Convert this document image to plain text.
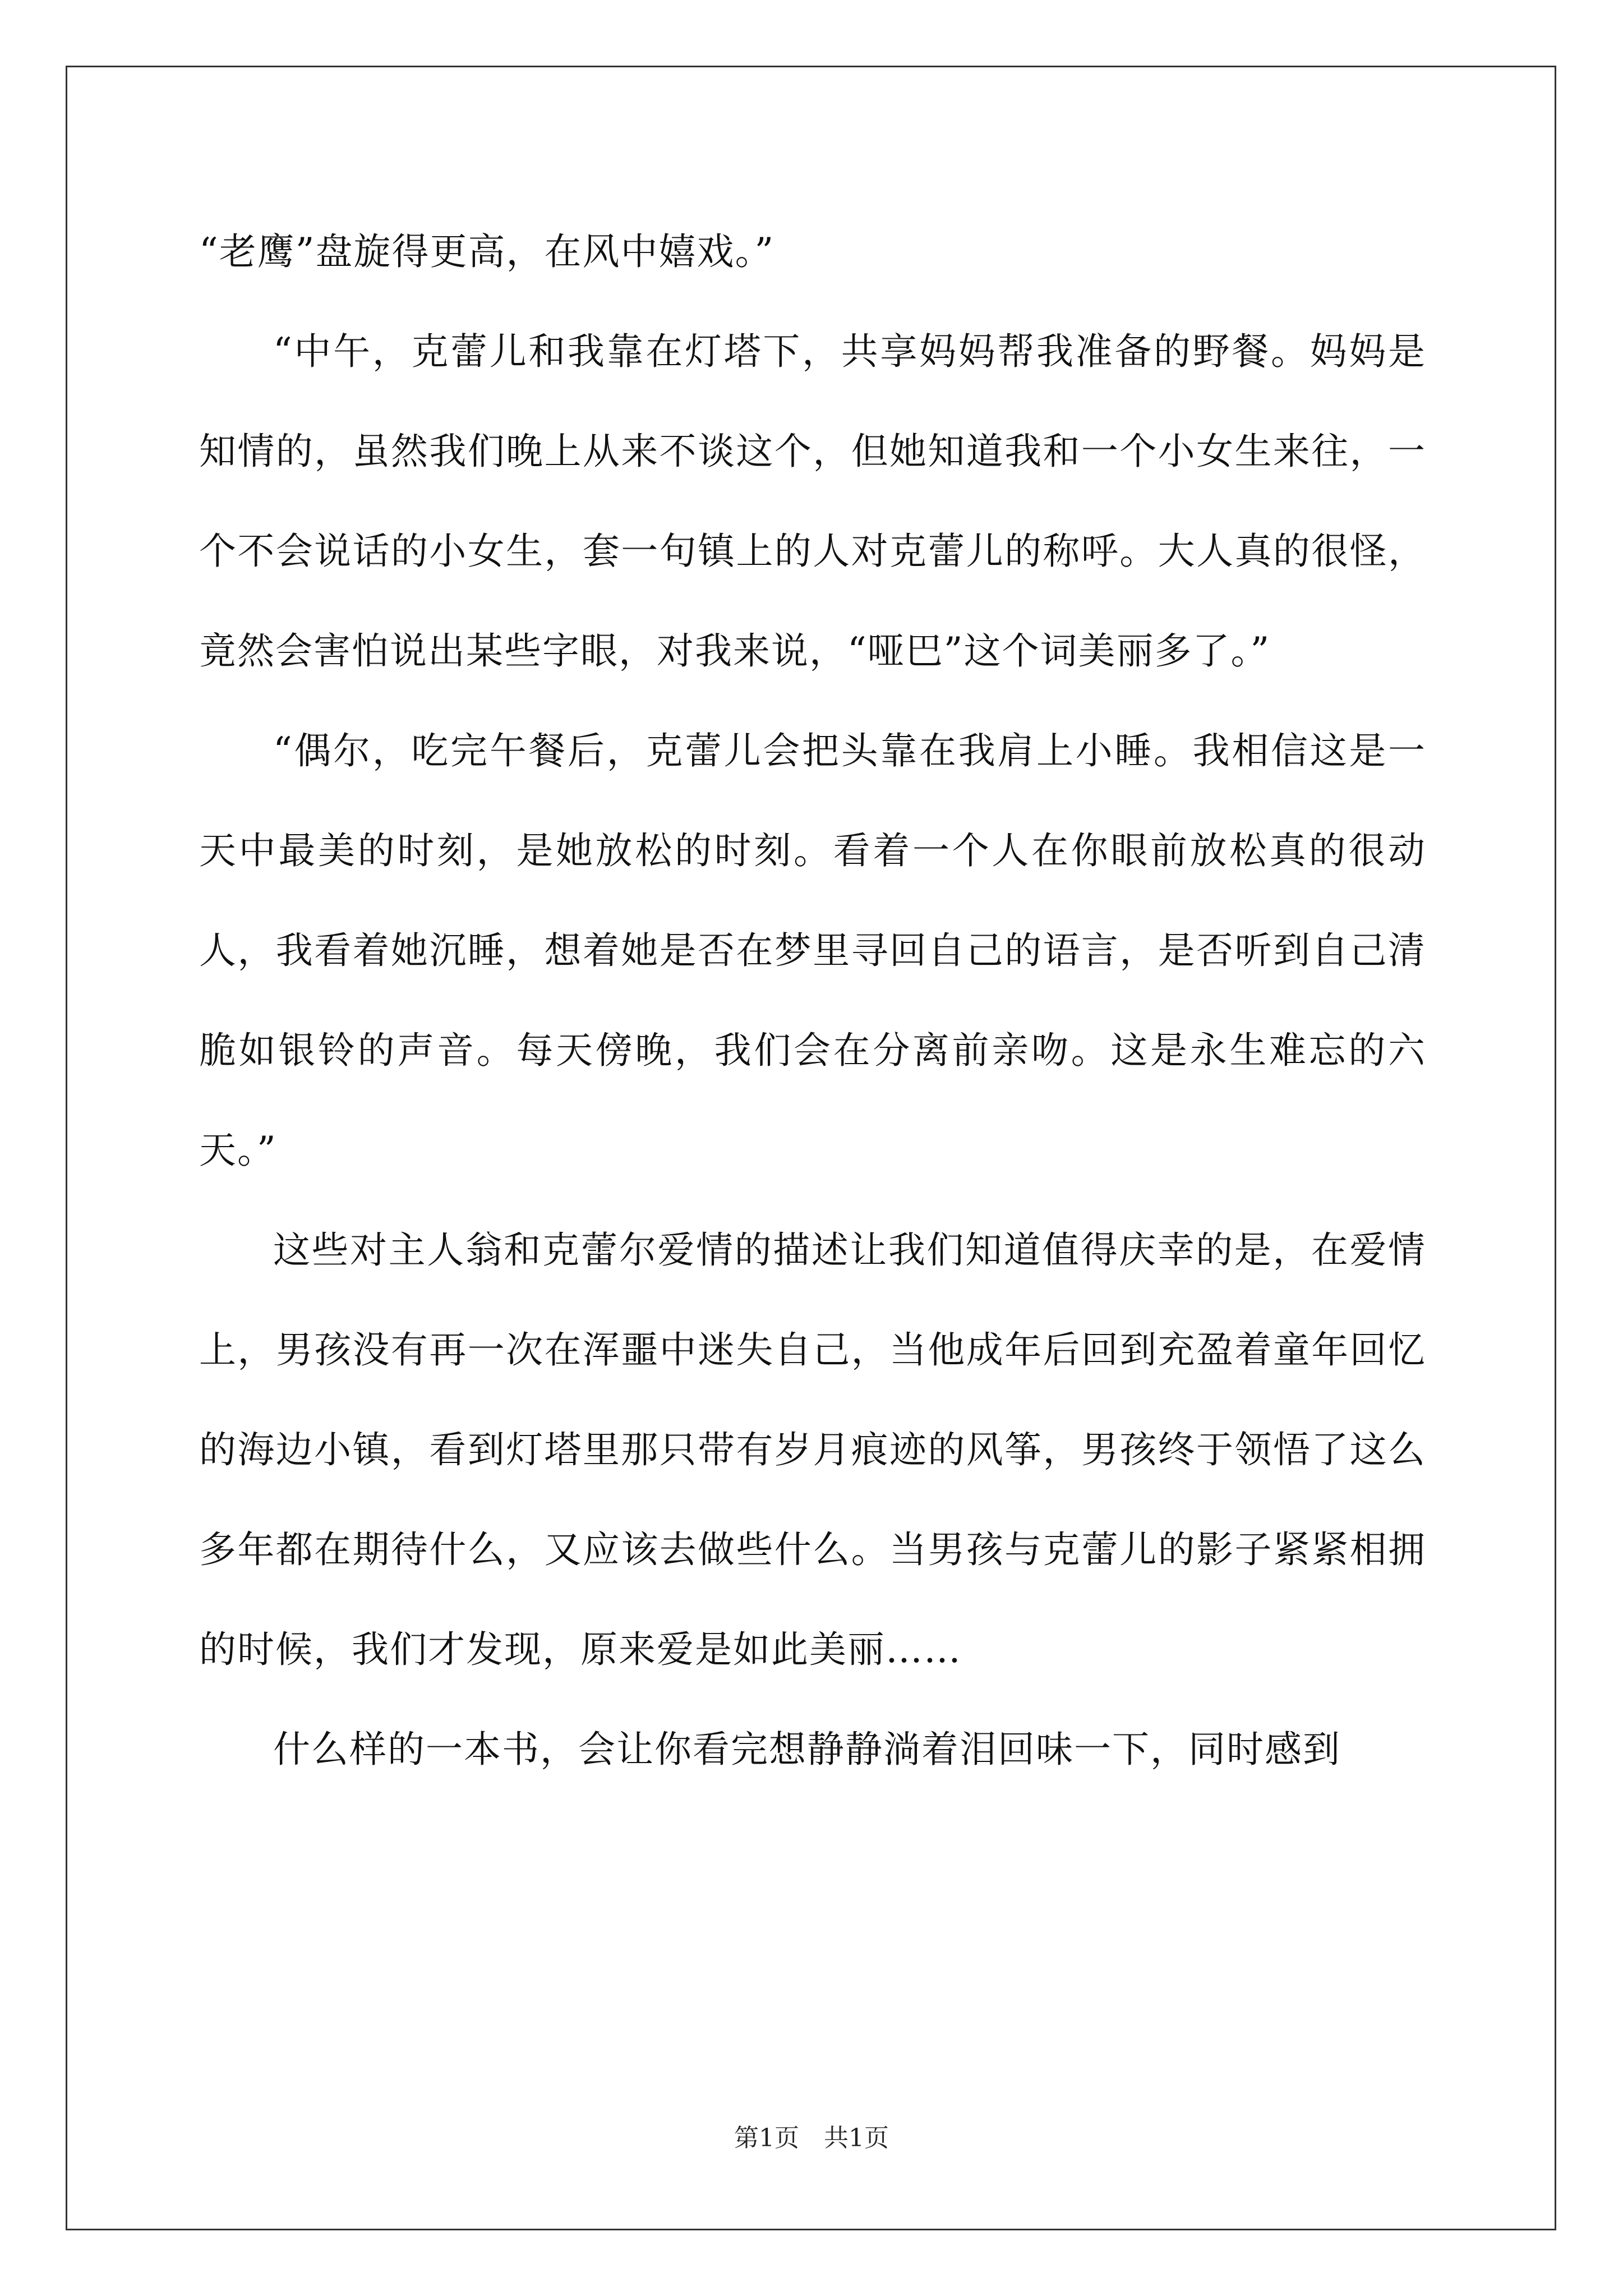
“老鹰”盘旋得更高，在风中嬉戏。”

“中午，克蕾儿和我靠在灯塔下，共享妈妈帮我准备的野餐。妈妈是知情的，虽然我们晚上从来不谈这个，但她知道我和一个小女生来往，一个不会说话的小女生，套一句镇上的人对克蕾儿的称呼。大人真的很怪，竟然会害怕说出某些字眼，对我来说，“哑巴”这个词美丽多了。”

“偶尔，吃完午餐后，克蕾儿会把头靠在我肩上小睡。我相信这是一天中最美的时刻，是她放松的时刻。看着一个人在你眼前放松真的很动人，我看着她沉睡，想着她是否在梦里寻回自己的语言，是否听到自己清脆如银铃的声音。每天傍晚，我们会在分离前亲吻。这是永生难忘的六天。”

这些对主人翁和克蕾尔爱情的描述让我们知道值得庆幸的是，在爱情上，男孩没有再一次在浑噩中迷失自己，当他成年后回到充盈着童年回忆的海边小镇，看到灯塔里那只带有岁月痕迹的风筝，男孩终于领悟了这么多年都在期待什么，又应该去做些什么。当男孩与克蕾儿的影子紧紧相拥的时候，我们才发现，原来爱是如此美丽……

什么样的一本书，会让你看完想静静淌着泪回味一下，同时感到

第1页　共1页
